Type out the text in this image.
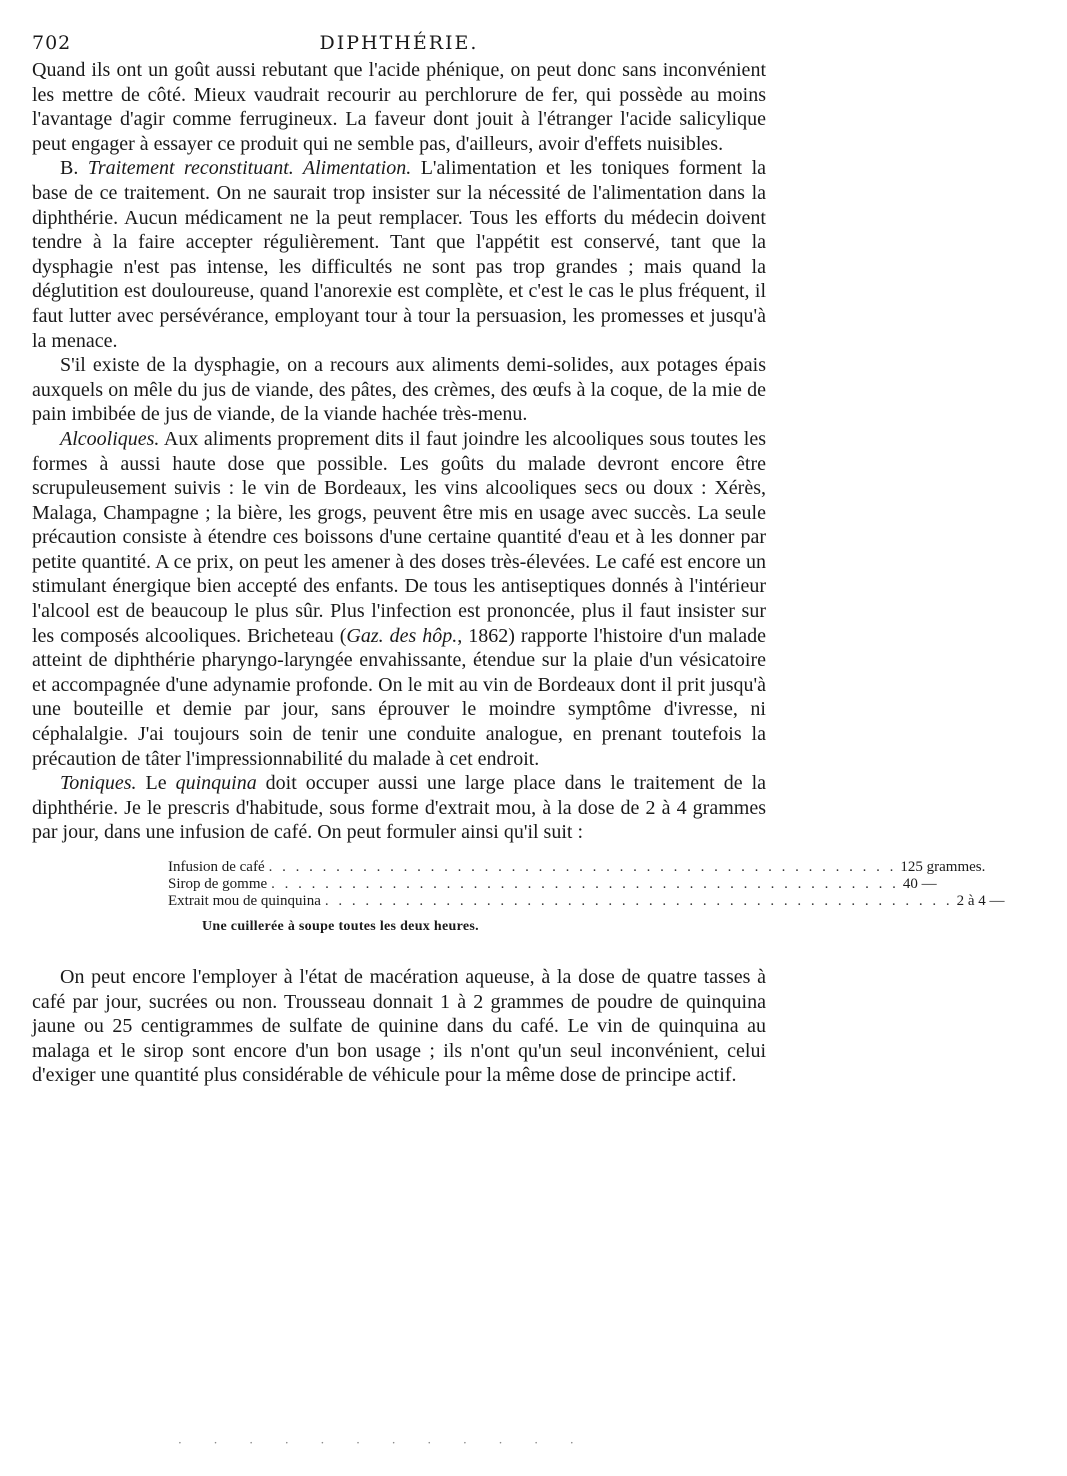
702	DIPHTHÉRIE.

Quand ils ont un goût aussi rebutant que l'acide phénique, on peut donc sans inconvénient les mettre de côté. Mieux vaudrait recourir au perchlorure de fer, qui possède au moins l'avantage d'agir comme ferrugineux. La faveur dont jouit à l'étranger l'acide salicylique peut engager à essayer ce produit qui ne semble pas, d'ailleurs, avoir d'effets nuisibles.

B. Traitement reconstituant. Alimentation. L'alimentation et les toniques forment la base de ce traitement. On ne saurait trop insister sur la nécessité de l'alimentation dans la diphthérie. Aucun médicament ne la peut remplacer. Tous les efforts du médecin doivent tendre à la faire accepter régulièrement. Tant que l'appétit est conservé, tant que la dysphagie n'est pas intense, les difficultés ne sont pas trop grandes ; mais quand la déglutition est douloureuse, quand l'anorexie est complète, et c'est le cas le plus fréquent, il faut lutter avec persévérance, employant tour à tour la persuasion, les promesses et jusqu'à la menace.

S'il existe de la dysphagie, on a recours aux aliments demi-solides, aux potages épais auxquels on mêle du jus de viande, des pâtes, des crèmes, des œufs à la coque, de la mie de pain imbibée de jus de viande, de la viande hachée très-menu.

Alcooliques. Aux aliments proprement dits il faut joindre les alcooliques sous toutes les formes à aussi haute dose que possible. Les goûts du malade devront encore être scrupuleusement suivis : le vin de Bordeaux, les vins alcooliques secs ou doux : Xérès, Malaga, Champagne ; la bière, les grogs, peuvent être mis en usage avec succès. La seule précaution consiste à étendre ces boissons d'une certaine quantité d'eau et à les donner par petite quantité. A ce prix, on peut les amener à des doses très-élevées. Le café est encore un stimulant énergique bien accepté des enfants. De tous les antiseptiques donnés à l'intérieur l'alcool est de beaucoup le plus sûr. Plus l'infection est prononcée, plus il faut insister sur les composés alcooliques. Bricheteau (Gaz. des hôp., 1862) rapporte l'histoire d'un malade atteint de diphthérie pharyngo-laryngée envahissante, étendue sur la plaie d'un vésicatoire et accompagnée d'une adynamie profonde. On le mit au vin de Bordeaux dont il prit jusqu'à une bouteille et demie par jour, sans éprouver le moindre symptôme d'ivresse, ni céphalalgie. J'ai toujours soin de tenir une conduite analogue, en prenant toutefois la précaution de tâter l'impressionnabilité du malade à cet endroit.

Toniques. Le quinquina doit occuper aussi une large place dans le traitement de la diphthérie. Je le prescris d'habitude, sous forme d'extrait mou, à la dose de 2 à 4 grammes par jour, dans une infusion de café. On peut formuler ainsi qu'il suit :

Infusion de café . . .	125 grammes.
Sirop de gomme . . .	40 —
Extrait mou de quinquina . . .	2 à 4 —
Une cuillerée à soupe toutes les deux heures.

On peut encore l'employer à l'état de macération aqueuse, à la dose de quatre tasses à café par jour, sucrées ou non. Trousseau donnait 1 à 2 grammes de poudre de quinquina jaune ou 25 centigrammes de sulfate de quinine dans du café. Le vin de quinquina au malaga et le sirop sont encore d'un bon usage ; ils n'ont qu'un seul inconvénient, celui d'exiger une quantité plus considérable de véhicule pour la même dose de principe actif.

· · · · · · · · · · · ·
